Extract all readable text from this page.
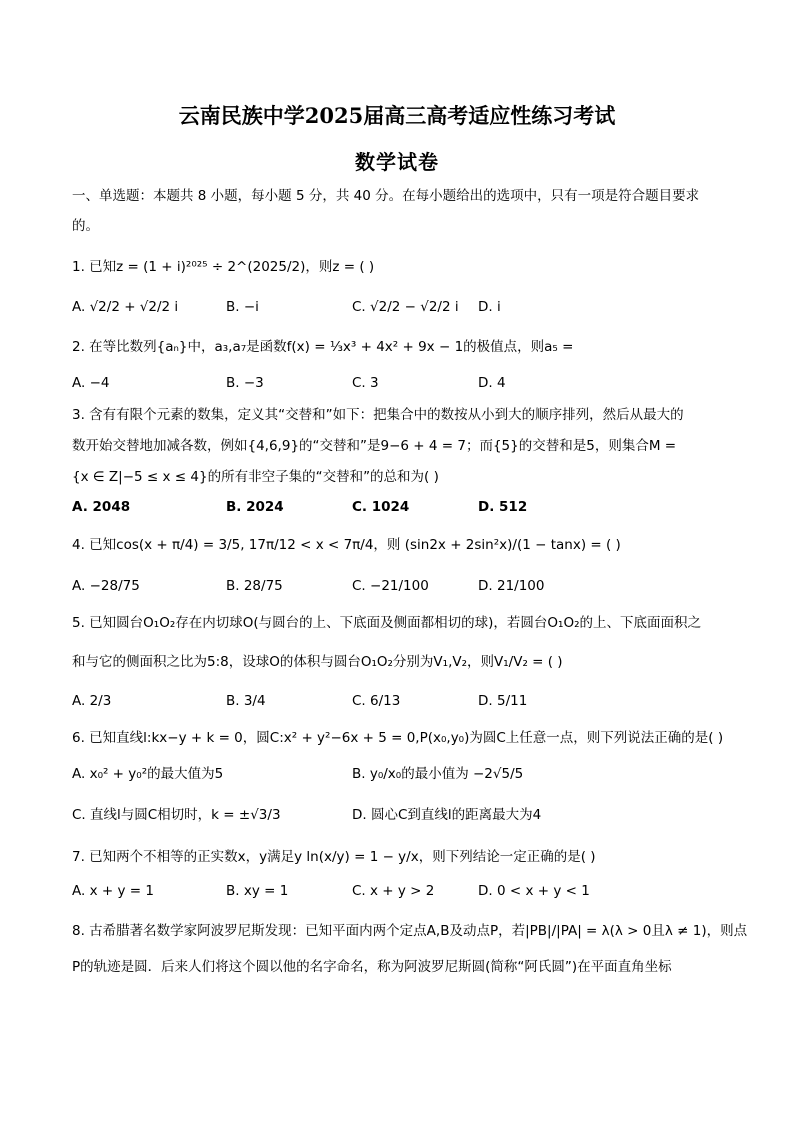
云南民族中学2025届高三高考适应性练习考试
数学试卷
一、单选题：本题共 8 小题，每小题 5 分，共 40 分。在每小题给出的选项中，只有一项是符合题目要求
的。
1. 已知z = (1 + i)²⁰²⁵ ÷ 2^(2025/2)，则z = ( )
A. √2/2 + √2/2 i	B. −i	C. √2/2 − √2/2 i D. i
2. 在等比数列{aₙ}中，a₃,a₇是函数f(x) = ⅓x³ + 4x² + 9x − 1的极值点，则a₅ =
A. −4	B. −3	C. 3	D. 4
3. 含有有限个元素的数集，定义其“交替和”如下：把集合中的数按从小到大的顺序排列，然后从最大的
数开始交替地加减各数，例如{4,6,9}的“交替和”是9−6 + 4 = 7；而{5}的交替和是5，则集合M =
{x ∈ Z|−5 ≤ x ≤ 4}的所有非空子集的“交替和”的总和为( )
A. 2048	B. 2024	C. 1024	D. 512
4. 已知cos(x + π/4) = 3/5, 17π/12 < x < 7π/4，则 (sin2x + 2sin²x)/(1 − tanx) = ( )
A. −28/75	B. 28/75	C. −21/100	D. 21/100
5. 已知圆台O₁O₂存在内切球O(与圆台的上、下底面及侧面都相切的球)，若圆台O₁O₂的上、下底面面积之
和与它的侧面积之比为5:8，设球O的体积与圆台O₁O₂分别为V₁,V₂，则V₁/V₂ = ( )
A. 2/3	B. 3/4	C. 6/13	D. 5/11
6. 已知直线l:kx−y + k = 0，圆C:x² + y²−6x + 5 = 0,P(x₀,y₀)为圆C上任意一点，则下列说法正确的是( )
A. x₀² + y₀²的最大值为5	B. y₀/x₀的最小值为 −2√5/5
C. 直线l与圆C相切时，k = ±√3/3	D. 圆心C到直线l的距离最大为4
7. 已知两个不相等的正实数x，y满足y ln(x/y) = 1 − y/x，则下列结论一定正确的是( )
A. x + y = 1	B. xy = 1	C. x + y > 2	D. 0 < x + y < 1
8. 古希腊著名数学家阿波罗尼斯发现：已知平面内两个定点A,B及动点P，若|PB|/|PA| = λ(λ > 0且λ ≠ 1)，则点
P的轨迹是圆．后来人们将这个圆以他的名字命名，称为阿波罗尼斯圆(简称“阿氏圆”)在平面直角坐标
